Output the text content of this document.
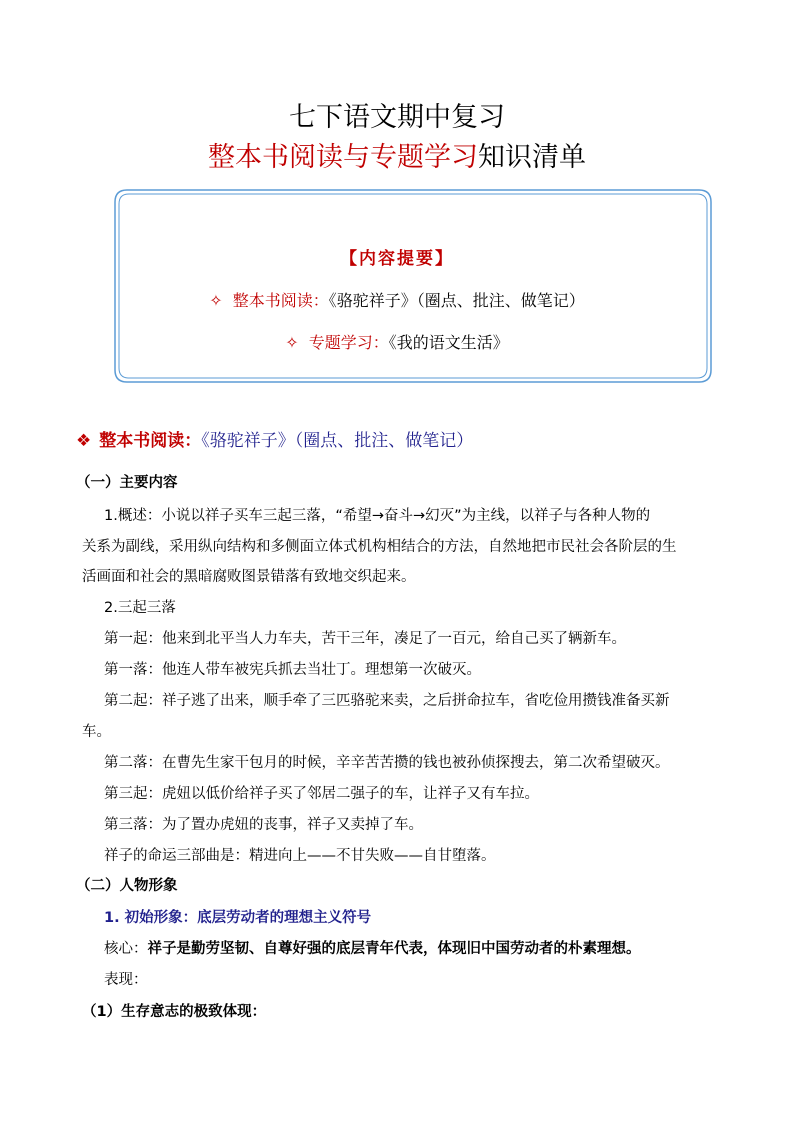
七下语文期中复习
整本书阅读与专题学习知识清单
【内容提要】
✧ 整本书阅读：《骆驼祥子》（圈点、批注、做笔记）
✧ 专题学习：《我的语文生活》
❖ 整本书阅读：《骆驼祥子》（圈点、批注、做笔记）
（一）主要内容
1.概述：小说以祥子买车三起三落，“希望→奋斗→幻灭”为主线，以祥子与各种人物的
关系为副线，采用纵向结构和多侧面立体式机构相结合的方法，自然地把市民社会各阶层的生
活画面和社会的黑暗腐败图景错落有致地交织起来。
2.三起三落
第一起：他来到北平当人力车夫，苦干三年，凑足了一百元，给自己买了辆新车。
第一落：他连人带车被宪兵抓去当壮丁。理想第一次破灭。
第二起：祥子逃了出来，顺手牵了三匹骆驼来卖，之后拼命拉车，省吃俭用攒钱准备买新
车。
第二落：在曹先生家干包月的时候，辛辛苦苦攒的钱也被孙侦探搜去，第二次希望破灭。
第三起：虎妞以低价给祥子买了邻居二强子的车，让祥子又有车拉。
第三落：为了置办虎妞的丧事，祥子又卖掉了车。
祥子的命运三部曲是：精进向上——不甘失败——自甘堕落。
（二）人物形象
1. 初始形象：底层劳动者的理想主义符号
核心：祥子是勤劳坚韧、自尊好强的底层青年代表，体现旧中国劳动者的朴素理想。
表现：
（1）生存意志的极致体现：
